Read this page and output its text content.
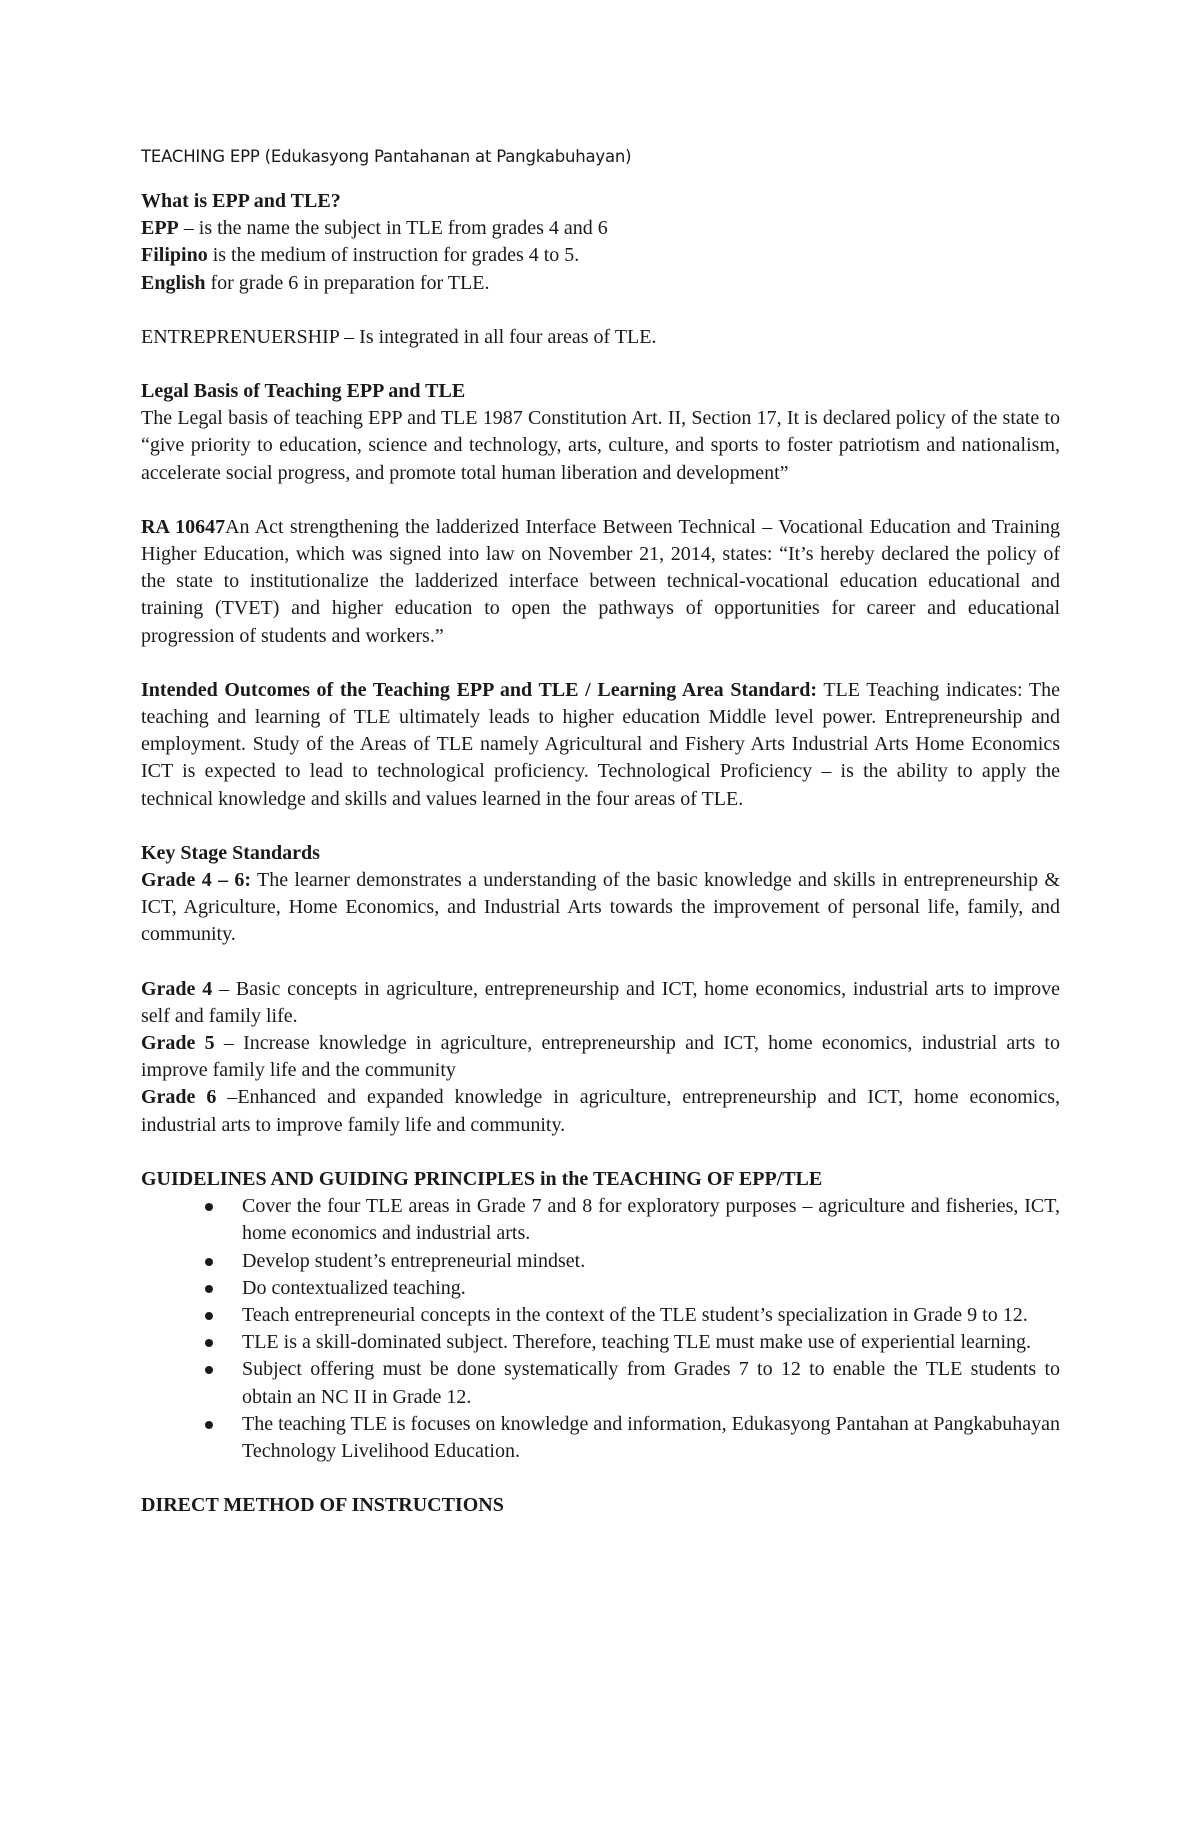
TEACHING EPP (Edukasyong Pantahanan at Pangkabuhayan)

What is EPP and TLE?

EPP – is the name the subject in TLE from grades 4 and 6

Filipino is the medium of instruction for grades 4 to 5.

English for grade 6 in preparation for TLE.

ENTREPRENUERSHIP – Is integrated in all four areas of TLE.

Legal Basis of Teaching EPP and TLE

The Legal basis of teaching EPP and TLE 1987 Constitution Art. II, Section 17, It is declared policy of the state to “give priority to education, science and technology, arts, culture, and sports to foster patriotism and nationalism, accelerate social progress, and promote total human liberation and development”

RA 10647An Act strengthening the ladderized Interface Between Technical – Vocational Education and Training Higher Education, which was signed into law on November 21, 2014, states: “It’s hereby declared the policy of the state to institutionalize the ladderized interface between technical-vocational education educational and training (TVET) and higher education to open the pathways of opportunities for career and educational progression of students and workers.”

Intended Outcomes of the Teaching EPP and TLE / Learning Area Standard: TLE Teaching indicates: The teaching and learning of TLE ultimately leads to higher education Middle level power. Entrepreneurship and employment. Study of the Areas of TLE namely Agricultural and Fishery Arts Industrial Arts Home Economics ICT is expected to lead to technological proficiency. Technological Proficiency – is the ability to apply the technical knowledge and skills and values learned in the four areas of TLE.

Key Stage Standards

Grade 4 – 6: The learner demonstrates a understanding of the basic knowledge and skills in entrepreneurship & ICT, Agriculture, Home Economics, and Industrial Arts towards the improvement of personal life, family, and community.

Grade 4 – Basic concepts in agriculture, entrepreneurship and ICT, home economics, industrial arts to improve self and family life.

Grade 5 – Increase knowledge in agriculture, entrepreneurship and ICT, home economics, industrial arts to improve family life and the community

Grade 6 –Enhanced and expanded knowledge in agriculture, entrepreneurship and ICT, home economics, industrial arts to improve family life and community.

GUIDELINES AND GUIDING PRINCIPLES in the TEACHING OF EPP/TLE

Cover the four TLE areas in Grade 7 and 8 for exploratory purposes – agriculture and fisheries, ICT, home economics and industrial arts.
Develop student’s entrepreneurial mindset.
Do contextualized teaching.
Teach entrepreneurial concepts in the context of the TLE student’s specialization in Grade 9 to 12.
TLE is a skill-dominated subject. Therefore, teaching TLE must make use of experiential learning.
Subject offering must be done systematically from Grades 7 to 12 to enable the TLE students to obtain an NC II in Grade 12.
The teaching TLE is focuses on knowledge and information, Edukasyong Pantahan at Pangkabuhayan Technology Livelihood Education.

DIRECT METHOD OF INSTRUCTIONS
